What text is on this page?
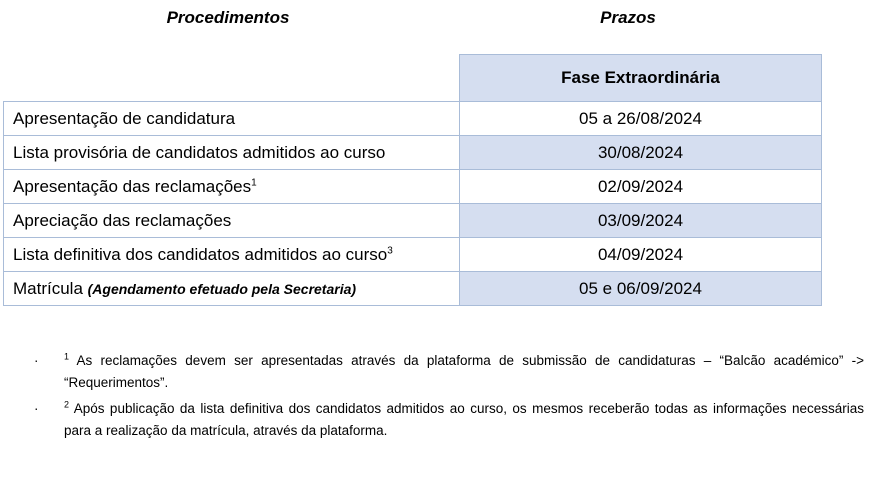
Procedimentos	Prazos
	Fase Extraordinária
Apresentação de candidatura	05 a 26/08/2024
Lista provisória de candidatos admitidos ao curso	30/08/2024
Apresentação das reclamações$^1$	02/09/2024
Apreciação das reclamações	03/09/2024
Lista definitiva dos candidatos admitidos ao curso$^3$	04/09/2024
Matrícula (Agendamento efetuado pela Secretaria)	05 e 06/09/2024
·	$^1$ As reclamações devem ser apresentadas através da plataforma de submissão de candidaturas – “Balcão académico” -> “Requerimentos”.
·	$^2$ Após publicação da lista definitiva dos candidatos admitidos ao curso, os mesmos receberão todas as informações necessárias para a realização da matrícula, através da plataforma.
